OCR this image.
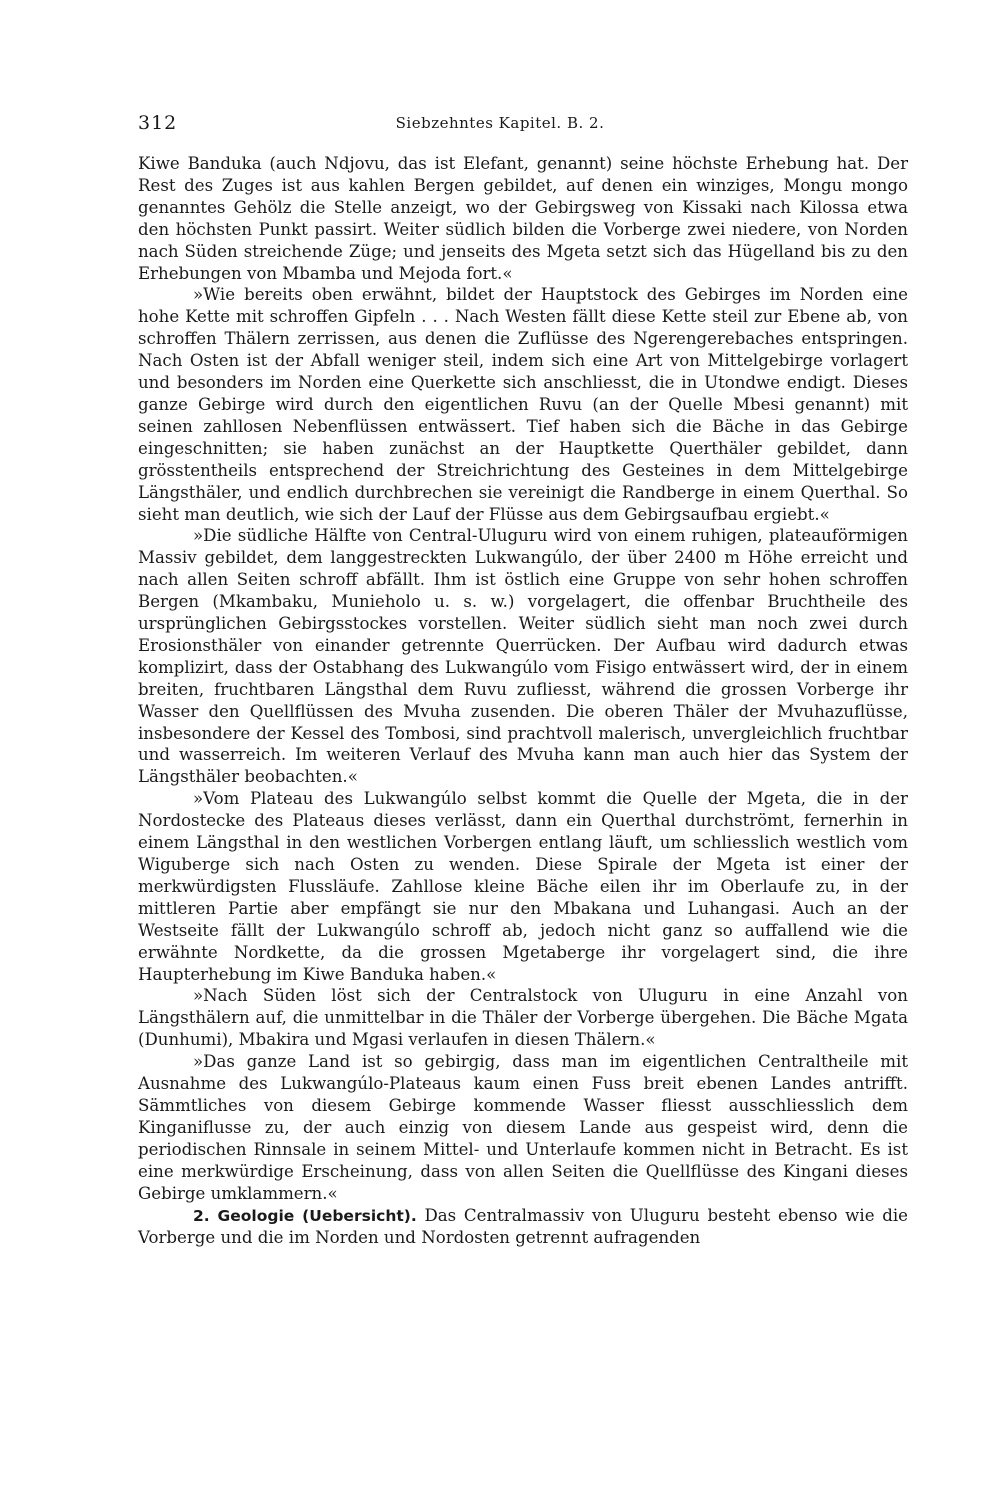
312	Siebzehntes Kapitel. B. 2.

Kiwe Banduka (auch Ndjovu, das ist Elefant, genannt) seine höchste Erhebung hat. Der Rest des Zuges ist aus kahlen Bergen gebildet, auf denen ein winziges, Mongu mongo genanntes Gehölz die Stelle anzeigt, wo der Gebirgsweg von Kissaki nach Kilossa etwa den höchsten Punkt passirt. Weiter südlich bilden die Vorberge zwei niedere, von Norden nach Süden streichende Züge; und jenseits des Mgeta setzt sich das Hügelland bis zu den Erhebungen von Mbamba und Mejoda fort.«

»Wie bereits oben erwähnt, bildet der Hauptstock des Gebirges im Norden eine hohe Kette mit schroffen Gipfeln . . . Nach Westen fällt diese Kette steil zur Ebene ab, von schroffen Thälern zerrissen, aus denen die Zuflüsse des Ngerengerebaches entspringen. Nach Osten ist der Abfall weniger steil, indem sich eine Art von Mittelgebirge vorlagert und besonders im Norden eine Querkette sich anschliesst, die in Utondwe endigt. Dieses ganze Gebirge wird durch den eigentlichen Ruvu (an der Quelle Mbesi genannt) mit seinen zahllosen Nebenflüssen entwässert. Tief haben sich die Bäche in das Gebirge eingeschnitten; sie haben zunächst an der Hauptkette Querthäler gebildet, dann grösstentheils entsprechend der Streichrichtung des Gesteines in dem Mittelgebirge Längsthäler, und endlich durchbrechen sie vereinigt die Randberge in einem Querthal. So sieht man deutlich, wie sich der Lauf der Flüsse aus dem Gebirgsaufbau ergiebt.«

»Die südliche Hälfte von Central-Uluguru wird von einem ruhigen, plateauförmigen Massiv gebildet, dem langgestreckten Lukwangúlo, der über 2400 m Höhe erreicht und nach allen Seiten schroff abfällt. Ihm ist östlich eine Gruppe von sehr hohen schroffen Bergen (Mkambaku, Munieholo u. s. w.) vorgelagert, die offenbar Bruchtheile des ursprünglichen Gebirgsstockes vorstellen. Weiter südlich sieht man noch zwei durch Erosionsthäler von einander getrennte Querrücken. Der Aufbau wird dadurch etwas komplizirt, dass der Ostabhang des Lukwangúlo vom Fisigo entwässert wird, der in einem breiten, fruchtbaren Längsthal dem Ruvu zufliesst, während die grossen Vorberge ihr Wasser den Quellflüssen des Mvuha zusenden. Die oberen Thäler der Mvuhazuflüsse, insbesondere der Kessel des Tombosi, sind prachtvoll malerisch, unvergleichlich fruchtbar und wasserreich. Im weiteren Verlauf des Mvuha kann man auch hier das System der Längsthäler beobachten.«

»Vom Plateau des Lukwangúlo selbst kommt die Quelle der Mgeta, die in der Nordostecke des Plateaus dieses verlässt, dann ein Querthal durchströmt, fernerhin in einem Längsthal in den westlichen Vorbergen entlang läuft, um schliesslich westlich vom Wiguberge sich nach Osten zu wenden. Diese Spirale der Mgeta ist einer der merkwürdigsten Flussläufe. Zahllose kleine Bäche eilen ihr im Oberlaufe zu, in der mittleren Partie aber empfängt sie nur den Mbakana und Luhangasi. Auch an der Westseite fällt der Lukwangúlo schroff ab, jedoch nicht ganz so auffallend wie die erwähnte Nordkette, da die grossen Mgetaberge ihr vorgelagert sind, die ihre Haupterhebung im Kiwe Banduka haben.«

»Nach Süden löst sich der Centralstock von Uluguru in eine Anzahl von Längsthälern auf, die unmittelbar in die Thäler der Vorberge übergehen. Die Bäche Mgata (Dunhumi), Mbakira und Mgasi verlaufen in diesen Thälern.«

»Das ganze Land ist so gebirgig, dass man im eigentlichen Centraltheile mit Ausnahme des Lukwangúlo-Plateaus kaum einen Fuss breit ebenen Landes antrifft. Sämmtliches von diesem Gebirge kommende Wasser fliesst ausschliesslich dem Kinganiflusse zu, der auch einzig von diesem Lande aus gespeist wird, denn die periodischen Rinnsale in seinem Mittel- und Unterlaufe kommen nicht in Betracht. Es ist eine merkwürdige Erscheinung, dass von allen Seiten die Quellflüsse des Kingani dieses Gebirge umklammern.«

2. Geologie (Uebersicht). Das Centralmassiv von Uluguru besteht ebenso wie die Vorberge und die im Norden und Nordosten getrennt aufragenden
